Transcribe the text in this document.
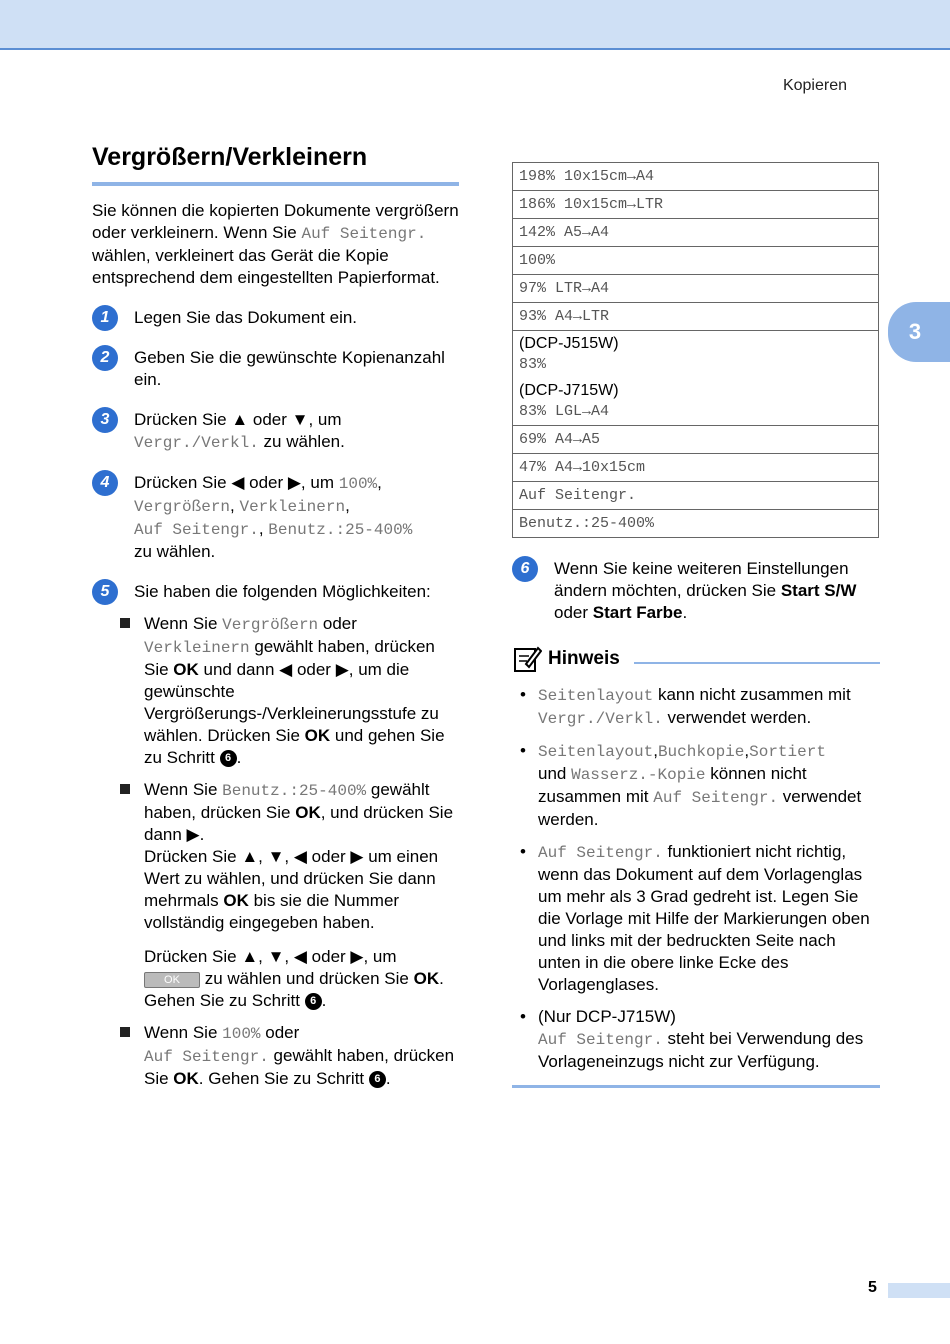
Kopieren
3
Vergrößern/Verkleinern
Sie können die kopierten Dokumente vergrößern oder verkleinern. Wenn Sie Auf Seitengr. wählen, verkleinert das Gerät die Kopie entsprechend dem eingestellten Papierformat.
1	Legen Sie das Dokument ein.
2	Geben Sie die gewünschte Kopienanzahl ein.
3	Drücken Sie ▲ oder ▼, um
Vergr./Verkl. zu wählen.
4	Drücken Sie ◀ oder ▶, um 100%,
Vergrößern, Verkleinern,
Auf Seitengr., Benutz.:25-400%
zu wählen.
5	Sie haben die folgenden Möglichkeiten:
Wenn Sie Vergrößern oder Verkleinern gewählt haben, drücken Sie OK und dann ◀ oder ▶, um die gewünschte Vergrößerungs-/Verkleinerungsstufe zu wählen. Drücken Sie OK und gehen Sie zu Schritt 6 .
Wenn Sie Benutz.:25-400% gewählt haben, drücken Sie OK, und drücken Sie dann ▶.
Drücken Sie ▲, ▼, ◀ oder ▶ um einen Wert zu wählen, und drücken Sie dann mehrmals OK bis sie die Nummer vollständig eingegeben haben.
Drücken Sie ▲, ▼, ◀ oder ▶, um
OK zu wählen und drücken Sie OK.
Gehen Sie zu Schritt 6 .
Wenn Sie 100% oder
Auf Seitengr. gewählt haben, drücken Sie OK. Gehen Sie zu Schritt 6 .
198% 10x15cm→A4
186% 10x15cm→LTR
142% A5→A4
100%
97% LTR→A4
93% A4→LTR
(DCP-J515W)
83%

(DCP-J715W)
83% LGL→A4
69% A4→A5
47% A4→10x15cm
Auf Seitengr.
Benutz.:25-400%
6	Wenn Sie keine weiteren Einstellungen ändern möchten, drücken Sie Start S/W oder Start Farbe.
Hinweis
• Seitenlayout kann nicht zusammen mit Vergr./Verkl. verwendet werden.
• Seitenlayout,Buchkopie,Sortiert
und Wasserz.-Kopie können nicht zusammen mit Auf Seitengr. verwendet werden.
• Auf Seitengr. funktioniert nicht richtig, wenn das Dokument auf dem Vorlagenglas um mehr als 3 Grad gedreht ist. Legen Sie die Vorlage mit Hilfe der Markierungen oben und links mit der bedruckten Seite nach unten in die obere linke Ecke des Vorlagenglases.
• (Nur DCP-J715W)
Auf Seitengr. steht bei Verwendung des Vorlageneinzugs nicht zur Verfügung.
5
